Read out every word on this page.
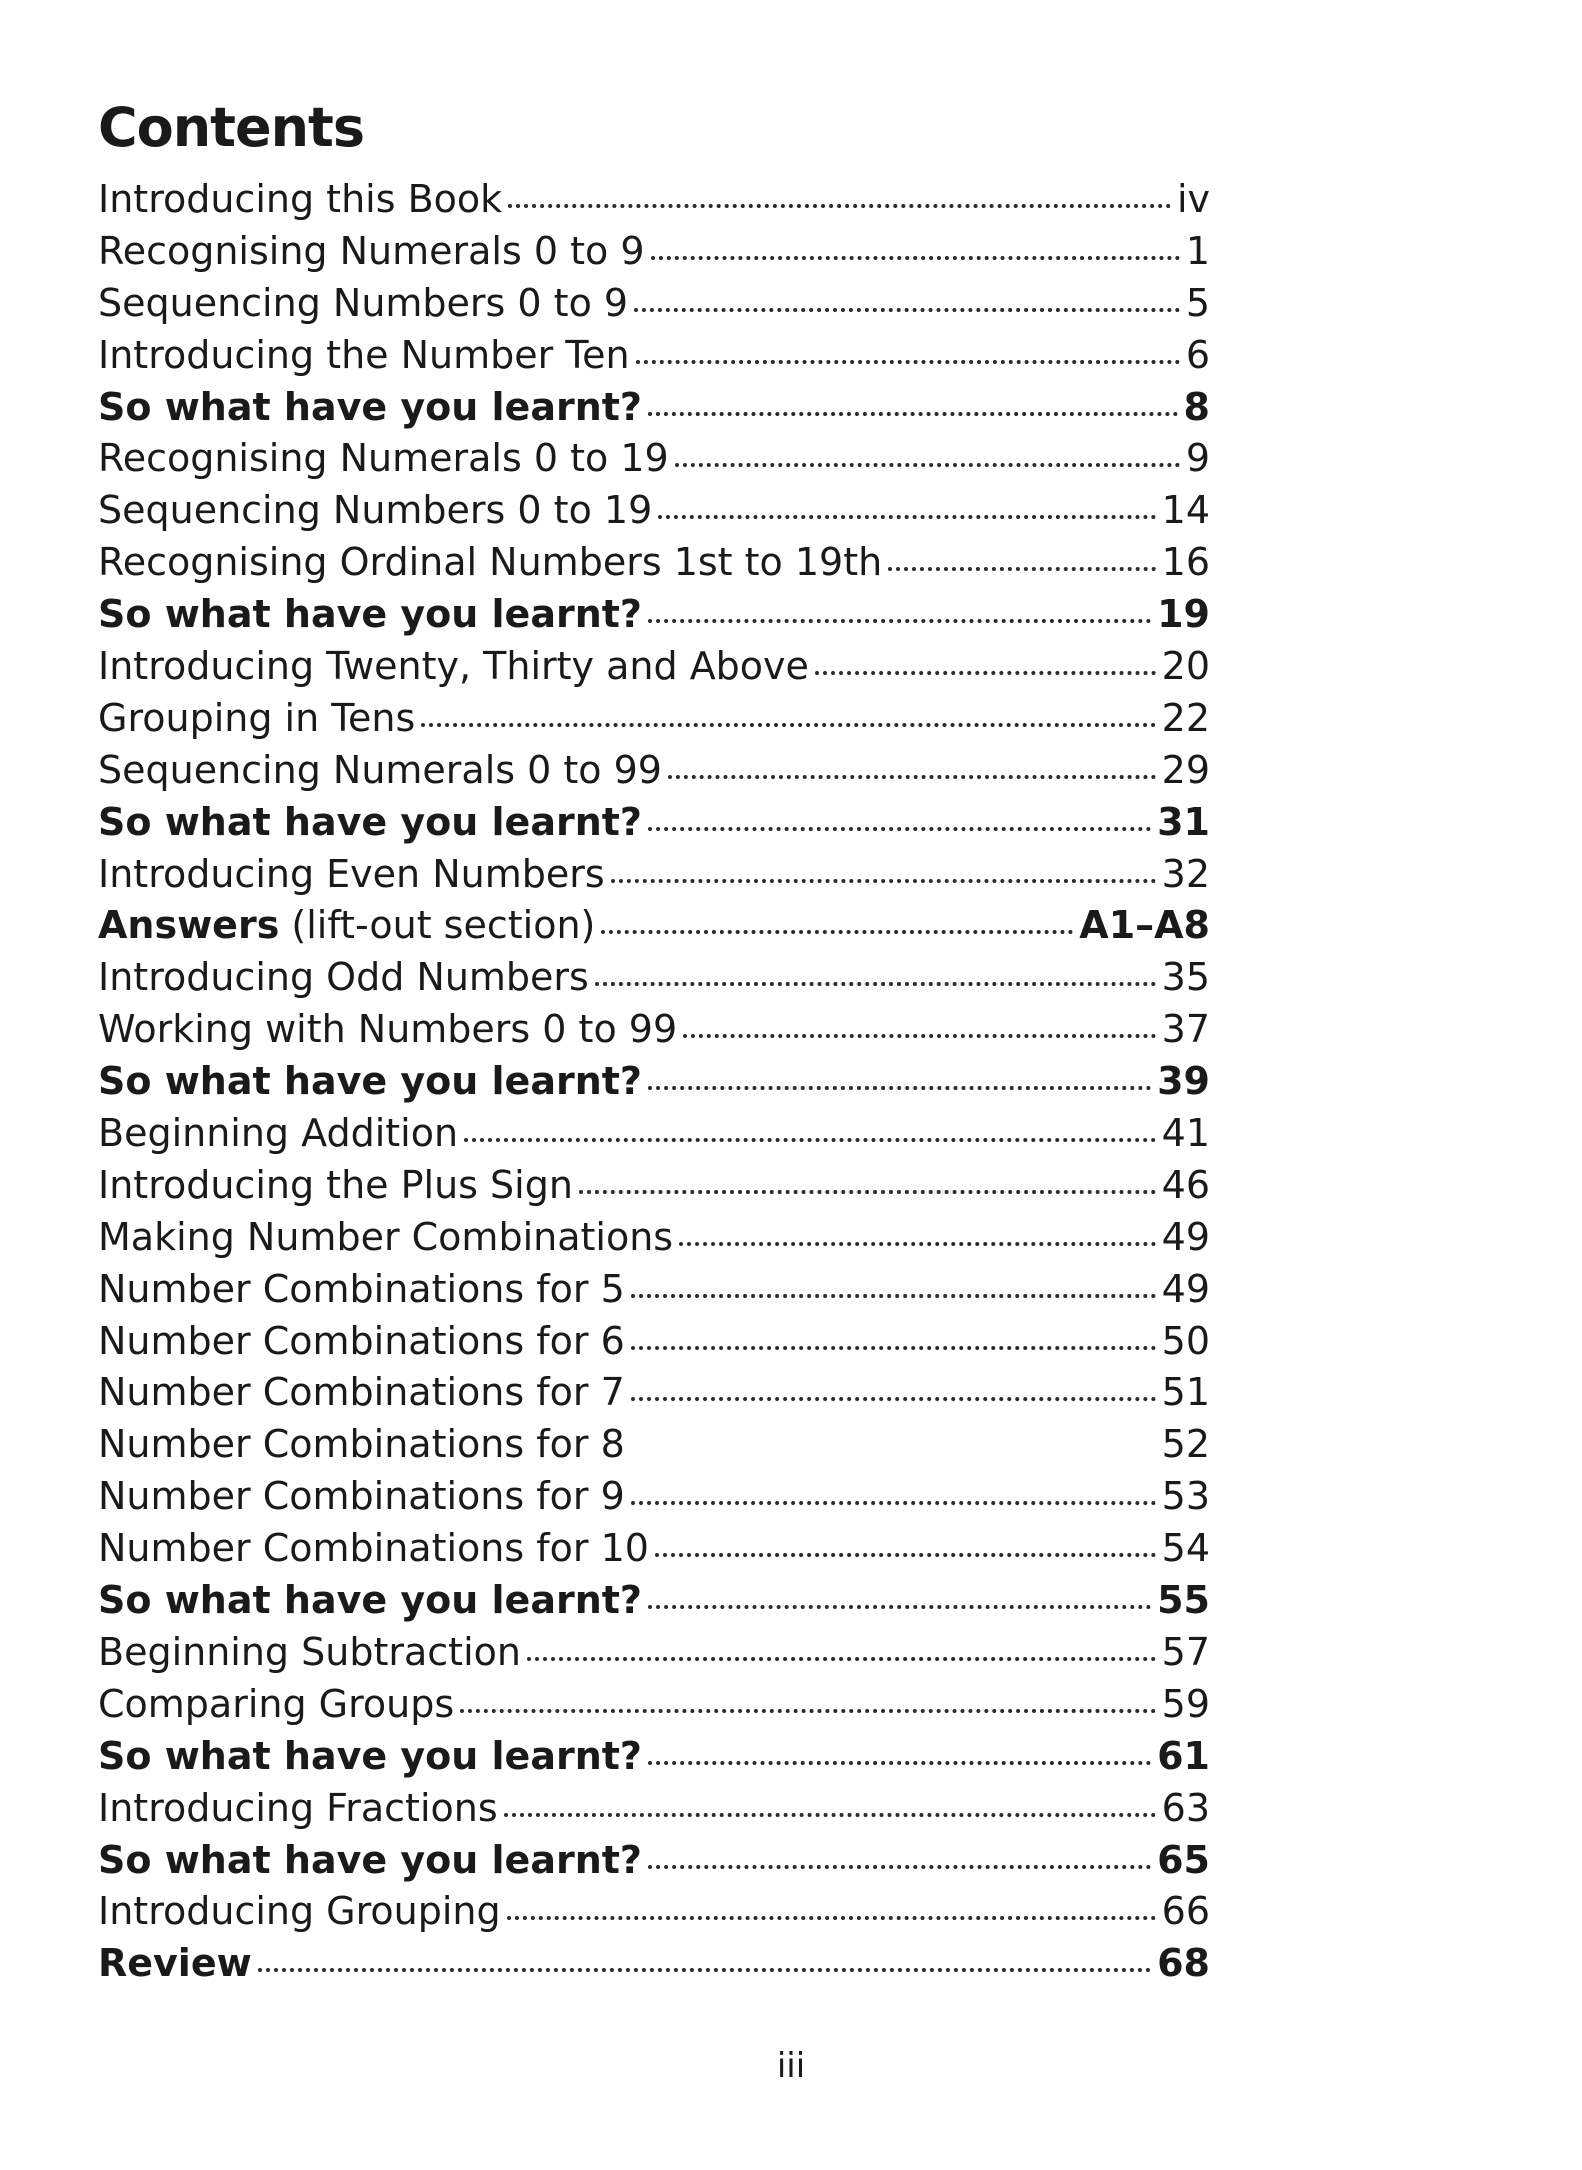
Contents
Introducing this Book	iv
Recognising Numerals 0 to 9	1
Sequencing Numbers 0 to 9	5
Introducing the Number Ten	6
So what have you learnt?	8
Recognising Numerals 0 to 19	9
Sequencing Numbers 0 to 19	14
Recognising Ordinal Numbers 1st to 19th	16
So what have you learnt?	19
Introducing Twenty, Thirty and Above	20
Grouping in Tens	22
Sequencing Numerals 0 to 99	29
So what have you learnt?	31
Introducing Even Numbers	32
Answers (lift-out section)	A1–A8
Introducing Odd Numbers	35
Working with Numbers 0 to 99	37
So what have you learnt?	39
Beginning Addition	41
Introducing the Plus Sign	46
Making Number Combinations	49
Number Combinations for 5	49
Number Combinations for 6	50
Number Combinations for 7	51
Number Combinations for 8	52
Number Combinations for 9	53
Number Combinations for 10	54
So what have you learnt?	55
Beginning Subtraction	57
Comparing Groups	59
So what have you learnt?	61
Introducing Fractions	63
So what have you learnt?	65
Introducing Grouping	66
Review	68
iii
